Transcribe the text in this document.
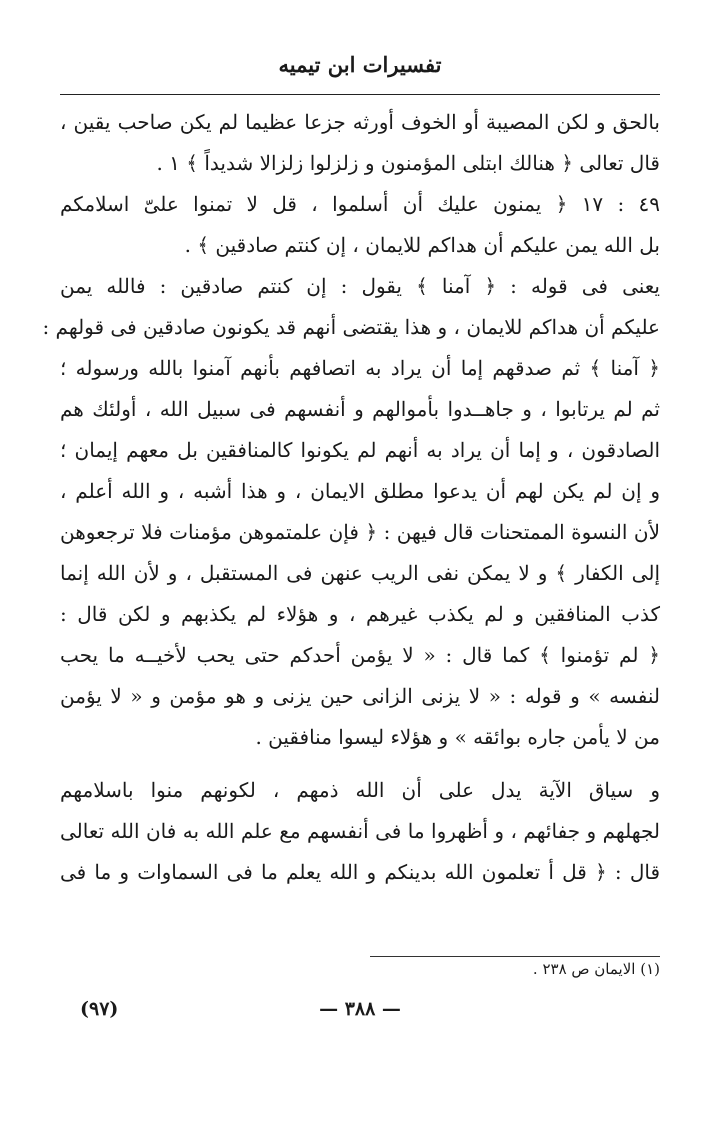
تفسيرات ابن تيميه
بالحق و لكن المصيبة أو الخوف أورثه جزعا عظيما لم يكن صاحب يقين ،
قال تعالى ﴿ هنالك ابتلى المؤمنون و زلزلوا زلزالا شديداً ﴾ ١ .
٤٩ : ١٧ ﴿ يمنون عليك أن أسلموا ، قل لا تمنوا علىّ اسلامكم
بل الله يمن عليكم أن هداكم للايمان ، إن كنتم صادقين ﴾ .
يعنى فى قوله : ﴿ آمنا ﴾ يقول : إن كنتم صادقين : فالله يمن
عليكم أن هداكم للايمان ، و هذا يقتضى أنهم قد يكونون صادقين فى قولهم :
﴿ آمنا ﴾ ثم صدقهم إما أن يراد به اتصافهم بأنهم آمنوا بالله ورسوله ؛
ثم لم يرتابوا ، و جاهــدوا بأموالهم و أنفسهم فى سبيل الله ، أولئك هم
الصادقون ، و إما أن يراد به أنهم لم يكونوا كالمنافقين بل معهم إيمان ؛
و إن لم يكن لهم أن يدعوا مطلق الايمان ، و هذا أشبه ، و الله أعلم ،
لأن النسوة الممتحنات قال فيهن : ﴿ فإن علمتموهن مؤمنات فلا ترجعوهن
إلى الكفار ﴾ و لا يمكن نفى الريب عنهن فى المستقبل ، و لأن الله إنما
كذب المنافقين و لم يكذب غيرهم ، و هؤلاء لم يكذبهم و لكن قال :
﴿ لم تؤمنوا ﴾ كما قال : « لا يؤمن أحدكم حتى يحب لأخيــه ما يحب
لنفسه » و قوله : « لا يزنى الزانى حين يزنى و هو مؤمن و « لا يؤمن
من لا يأمن جاره بوائقه » و هؤلاء ليسوا منافقين .
و سياق الآية يدل على أن الله ذمهم ، لكونهم منوا باسلامهم
لجهلهم و جفائهم ، و أظهروا ما فى أنفسهم مع علم الله به فان الله تعالى
قال : ﴿ قل أ تعلمون الله بدينكم و الله يعلم ما فى السماوات و ما فى
(١) الايمان ص ٢٣٨ .
— ٣٨٨ —
(٩٧)
